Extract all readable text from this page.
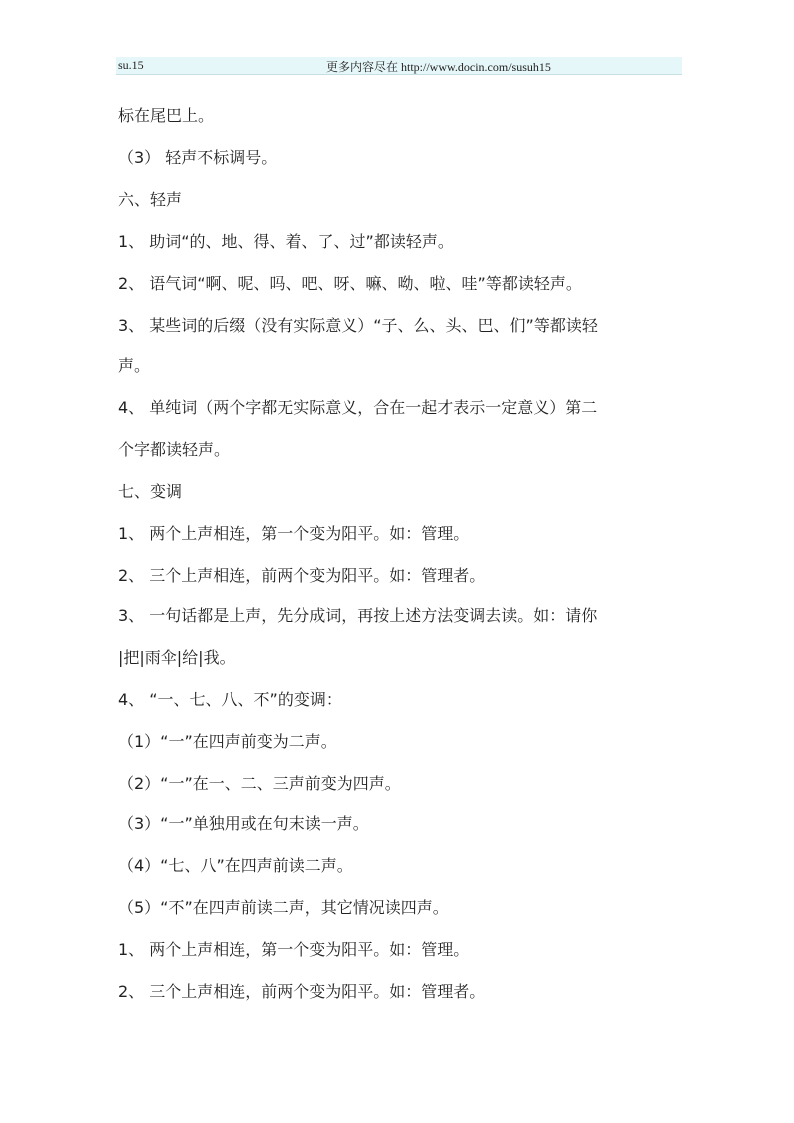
su.15	更多内容尽在 http://www.docin.com/susuh15
标在尾巴上。
（3） 轻声不标调号。
六、轻声
1、 助词“的、地、得、着、了、过”都读轻声。
2、 语气词“啊、呢、吗、吧、呀、嘛、呦、啦、哇”等都读轻声。
3、 某些词的后缀（没有实际意义）“子、么、头、巴、们”等都读轻
声。
4、 单纯词（两个字都无实际意义，合在一起才表示一定意义）第二
个字都读轻声。
七、变调
1、 两个上声相连，第一个变为阳平。如：管理。
2、 三个上声相连，前两个变为阳平。如：管理者。
3、 一句话都是上声，先分成词，再按上述方法变调去读。如：请你
|把|雨伞|给|我。
4、 “一、七、八、不”的变调：
（1）“一”在四声前变为二声。
（2）“一”在一、二、三声前变为四声。
（3）“一”单独用或在句末读一声。
（4）“七、八”在四声前读二声。
（5）“不”在四声前读二声，其它情况读四声。
1、 两个上声相连，第一个变为阳平。如：管理。
2、 三个上声相连，前两个变为阳平。如：管理者。
